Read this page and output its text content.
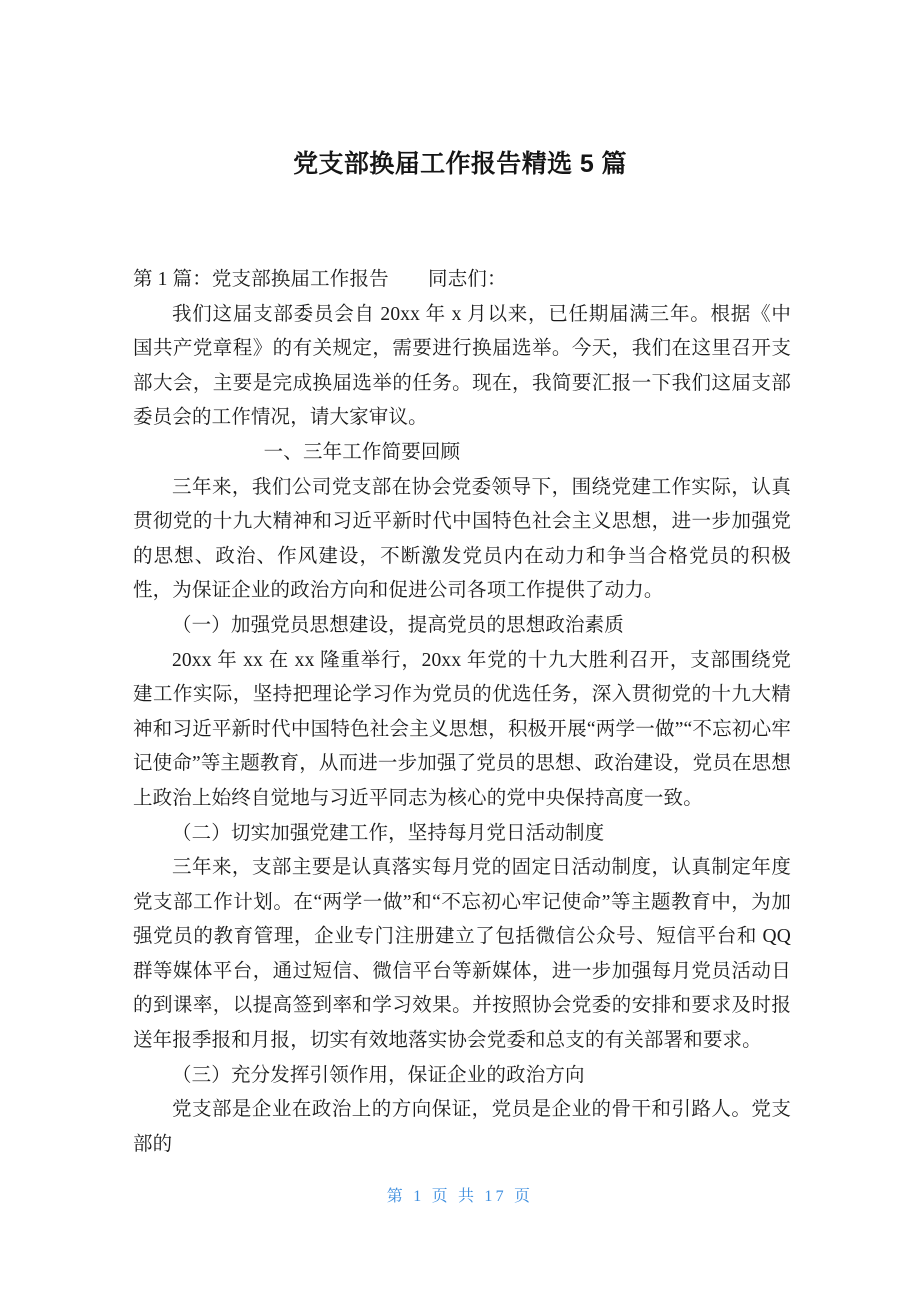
党支部换届工作报告精选 5 篇

第 1 篇：党支部换届工作报告　　同志们：

我们这届支部委员会自 20xx 年 x 月以来，已任期届满三年。根据《中国共产党章程》的有关规定，需要进行换届选举。今天，我们在这里召开支部大会，主要是完成换届选举的任务。现在，我简要汇报一下我们这届支部委员会的工作情况，请大家审议。

一、三年工作简要回顾

三年来，我们公司党支部在协会党委领导下，围绕党建工作实际，认真贯彻党的十九大精神和习近平新时代中国特色社会主义思想，进一步加强党的思想、政治、作风建设，不断激发党员内在动力和争当合格党员的积极性，为保证企业的政治方向和促进公司各项工作提供了动力。

（一）加强党员思想建设，提高党员的思想政治素质

20xx 年 xx 在 xx 隆重举行，20xx 年党的十九大胜利召开，支部围绕党建工作实际，坚持把理论学习作为党员的优选任务，深入贯彻党的十九大精神和习近平新时代中国特色社会主义思想，积极开展“两学一做”“不忘初心牢记使命”等主题教育，从而进一步加强了党员的思想、政治建设，党员在思想上政治上始终自觉地与习近平同志为核心的党中央保持高度一致。

（二）切实加强党建工作，坚持每月党日活动制度

三年来，支部主要是认真落实每月党的固定日活动制度，认真制定年度党支部工作计划。在“两学一做”和“不忘初心牢记使命”等主题教育中，为加强党员的教育管理，企业专门注册建立了包括微信公众号、短信平台和 QQ 群等媒体平台，通过短信、微信平台等新媒体，进一步加强每月党员活动日的到课率，以提高签到率和学习效果。并按照协会党委的安排和要求及时报送年报季报和月报，切实有效地落实协会党委和总支的有关部署和要求。

（三）充分发挥引领作用，保证企业的政治方向

党支部是企业在政治上的方向保证，党员是企业的骨干和引路人。党支部的

第 1 页 共 17 页
